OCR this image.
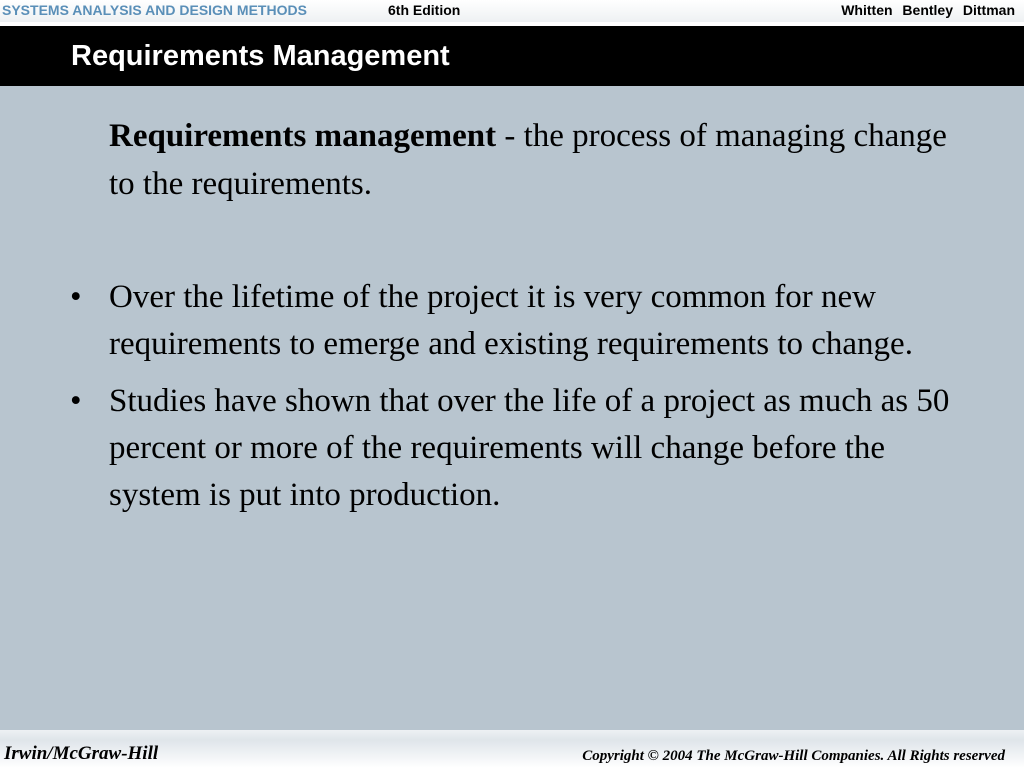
SYSTEMS ANALYSIS AND DESIGN METHODS	6th Edition	Whitten Bentley Dittman
Requirements Management

Requirements management - the process of managing change to the requirements.

• Over the lifetime of the project it is very common for new requirements to emerge and existing requirements to change.
• Studies have shown that over the life of a project as much as 50 percent or more of the requirements will change before the system is put into production.
Irwin/McGraw-Hill	Copyright © 2004 The McGraw-Hill Companies. All Rights reserved
